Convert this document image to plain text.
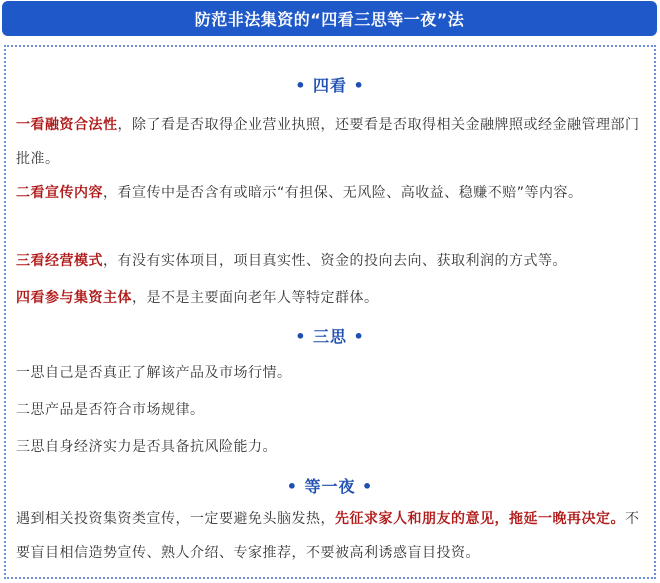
防范非法集资的“四看三思等一夜”法
• 四看 •
一看融资合法性，除了看是否取得企业营业执照，还要看是否取得相关金融牌照或经金融管理部门批准。
二看宣传内容，看宣传中是否含有或暗示“有担保、无风险、高收益、稳赚不赔”等内容。
三看经营模式，有没有实体项目，项目真实性、资金的投向去向、获取利润的方式等。
四看参与集资主体，是不是主要面向老年人等特定群体。
• 三思 •
一思自己是否真正了解该产品及市场行情。
二思产品是否符合市场规律。
三思自身经济实力是否具备抗风险能力。
• 等一夜 •
遇到相关投资集资类宣传，一定要避免头脑发热，先征求家人和朋友的意见，拖延一晚再决定。不要盲目相信造势宣传、熟人介绍、专家推荐，不要被高利诱惑盲目投资。
